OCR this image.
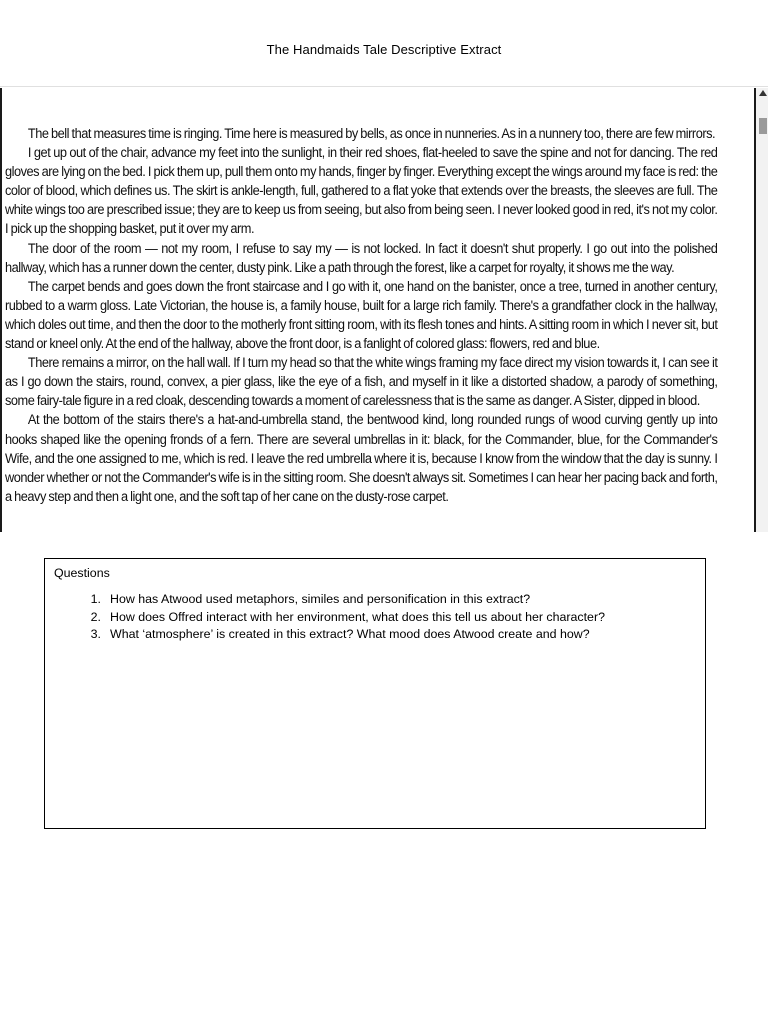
The Handmaids Tale Descriptive Extract

The bell that measures time is ringing. Time here is measured by bells, as once in nunneries. As in a nunnery too, there are few mirrors.

I get up out of the chair, advance my feet into the sunlight, in their red shoes, flat-heeled to save the spine and not for dancing. The red gloves are lying on the bed. I pick them up, pull them onto my hands, finger by finger. Everything except the wings around my face is red: the color of blood, which defines us. The skirt is ankle-length, full, gathered to a flat yoke that extends over the breasts, the sleeves are full. The white wings too are prescribed issue; they are to keep us from seeing, but also from being seen. I never looked good in red, it's not my color. I pick up the shopping basket, put it over my arm.

The door of the room — not my room, I refuse to say my — is not locked. In fact it doesn't shut properly. I go out into the polished hallway, which has a runner down the center, dusty pink. Like a path through the forest, like a carpet for royalty, it shows me the way.

The carpet bends and goes down the front staircase and I go with it, one hand on the banister, once a tree, turned in another century, rubbed to a warm gloss. Late Victorian, the house is, a family house, built for a large rich family. There's a grandfather clock in the hallway, which doles out time, and then the door to the motherly front sitting room, with its flesh tones and hints. A sitting room in which I never sit, but stand or kneel only. At the end of the hallway, above the front door, is a fanlight of colored glass: flowers, red and blue.

There remains a mirror, on the hall wall. If I turn my head so that the white wings framing my face direct my vision towards it, I can see it as I go down the stairs, round, convex, a pier glass, like the eye of a fish, and myself in it like a distorted shadow, a parody of something, some fairy-tale figure in a red cloak, descending towards a moment of carelessness that is the same as danger. A Sister, dipped in blood.

At the bottom of the stairs there's a hat-and-umbrella stand, the bentwood kind, long rounded rungs of wood curving gently up into hooks shaped like the opening fronds of a fern. There are several umbrellas in it: black, for the Commander, blue, for the Commander's Wife, and the one assigned to me, which is red. I leave the red umbrella where it is, because I know from the window that the day is sunny. I wonder whether or not the Commander's wife is in the sitting room. She doesn't always sit. Sometimes I can hear her pacing back and forth, a heavy step and then a light one, and the soft tap of her cane on the dusty-rose carpet.

Questions
1. How has Atwood used metaphors, similes and personification in this extract?
2. How does Offred interact with her environment, what does this tell us about her character?
3. What ‘atmosphere’ is created in this extract? What mood does Atwood create and how?
